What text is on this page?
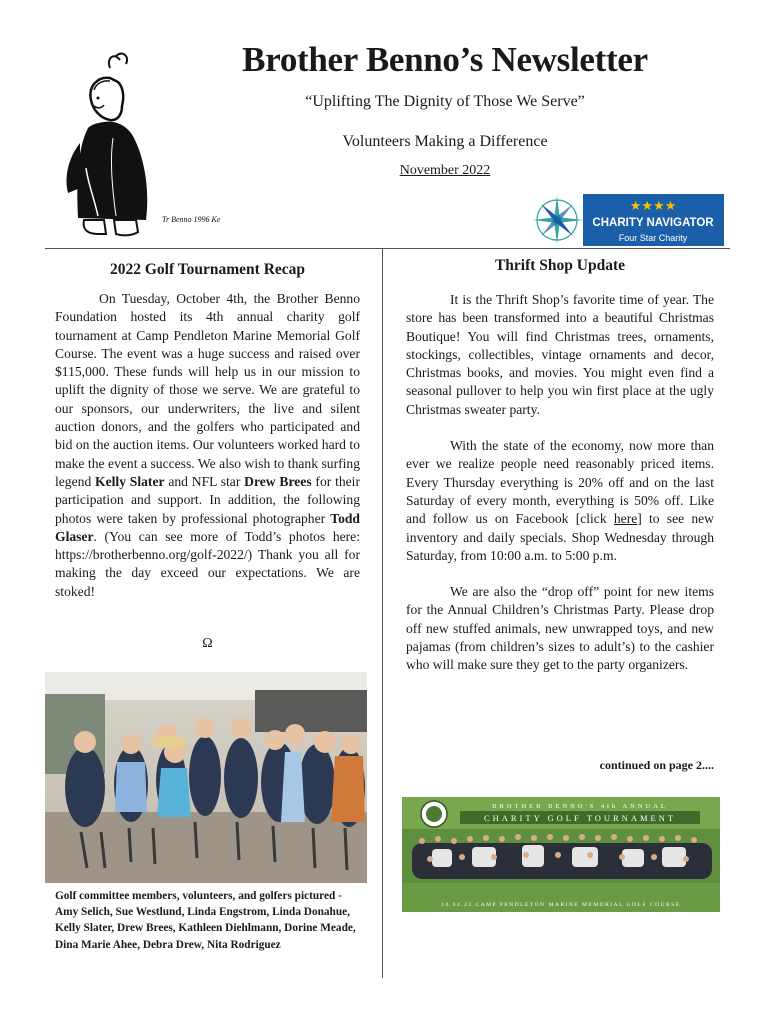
Tr Benno 1996 Ke
Brother Benno’s Newsletter
“Uplifting The Dignity of Those We Serve”
Volunteers Making a Difference
November 2022
★★★★
CHARITY NAVIGATOR
Four Star Charity
2022 Golf Tournament Recap

On Tuesday, October 4th, the Brother Benno Foundation hosted its 4th annual charity golf tournament at Camp Pendleton Marine Memorial Golf Course. The event was a huge success and raised over $115,000. These funds will help us in our mission to uplift the dignity of those we serve. We are grateful to our sponsors, our underwriters, the live and silent auction donors, and the golfers who participated and bid on the auction items. Our volunteers worked hard to make the event a success. We also wish to thank surfing legend Kelly Slater and NFL star Drew Brees for their participation and support. In addition, the following photos were taken by professional photographer Todd Glaser. (You can see more of Todd’s photos here: https://brotherbenno.org/golf-2022/) Thank you all for making the day exceed our expectations. We are stoked!

Ω
Golf committee members, volunteers, and golfers pictured - Amy Selich, Sue Westlund, Linda Engstrom, Linda Donahue, Kelly Slater, Drew Brees, Kathleen Diehlmann, Dorine Meade, Dina Marie Ahee, Debra Drew, Nita Rodriguez
Thrift Shop Update

It is the Thrift Shop’s favorite time of year. The store has been transformed into a beautiful Christmas Boutique! You will find Christmas trees, ornaments, stockings, collectibles, vintage ornaments and decor, Christmas books, and movies. You might even find a seasonal pullover to help you win first place at the ugly Christmas sweater party.

With the state of the economy, now more than ever we realize people need reasonably priced items. Every Thursday everything is 20% off and on the last Saturday of every month, everything is 50% off. Like and follow us on Facebook [click here] to see new inventory and daily specials. Shop Wednesday through Saturday, from 10:00 a.m. to 5:00 p.m.

We are also the “drop off” point for new items for the Annual Children’s Christmas Party. Please drop off new stuffed animals, new unwrapped toys, and new pajamas (from children’s sizes to adult’s) to the cashier who will make sure they get to the party organizers.

continued on page 2....
BROTHER BENNO'S 4th ANNUAL
CHARITY GOLF TOURNAMENT
10.04.22 CAMP PENDLETON MARINE MEMORIAL GOLF COURSE
